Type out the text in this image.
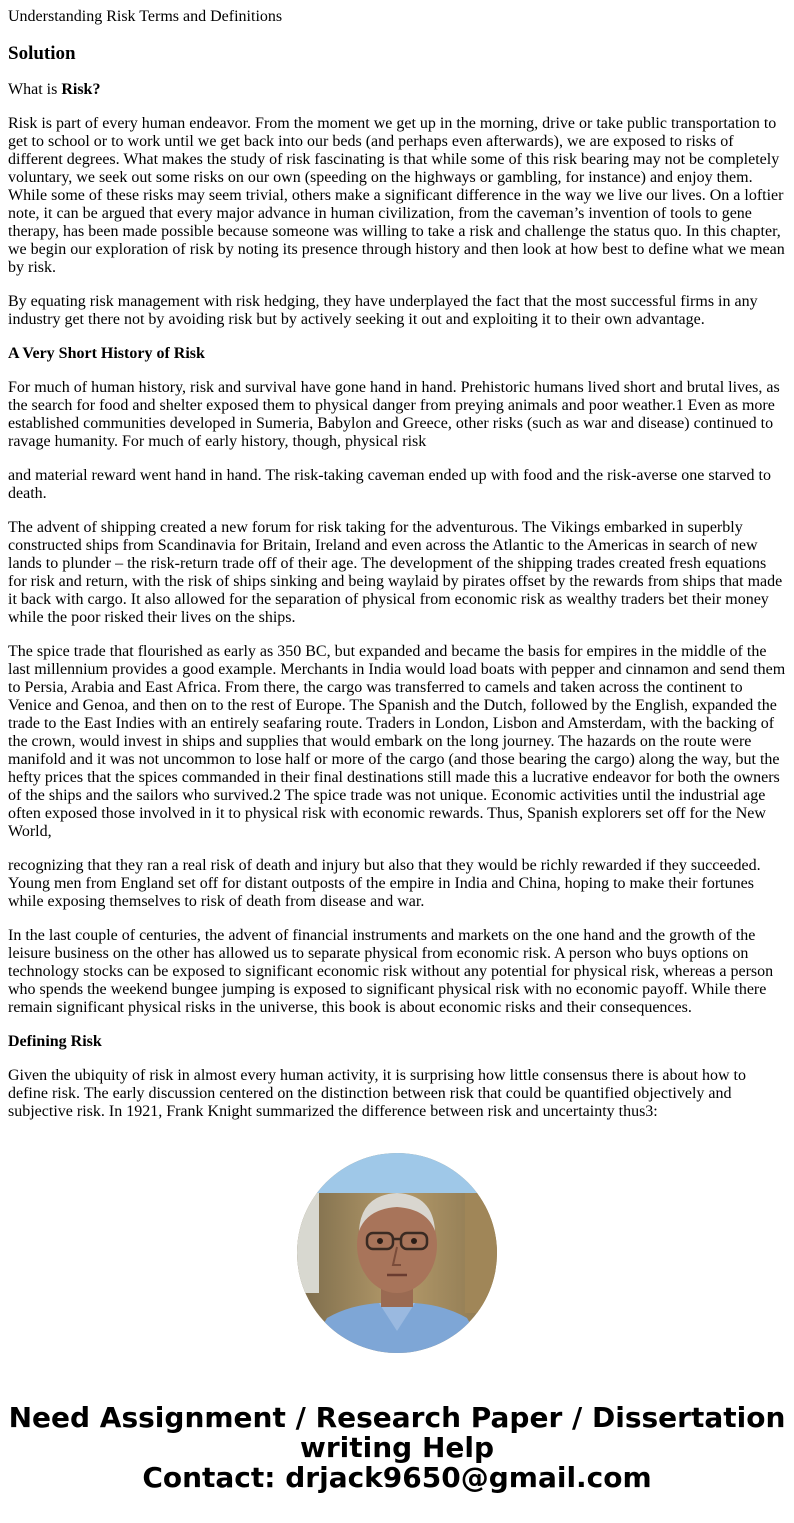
Understanding Risk Terms and Definitions
Solution

What is Risk?

Risk is part of every human endeavor. From the moment we get up in the morning, drive or take public transportation to get to school or to work until we get back into our beds (and perhaps even afterwards), we are exposed to risks of different degrees. What makes the study of risk fascinating is that while some of this risk bearing may not be completely voluntary, we seek out some risks on our own (speeding on the highways or gambling, for instance) and enjoy them. While some of these risks may seem trivial, others make a significant difference in the way we live our lives. On a loftier note, it can be argued that every major advance in human civilization, from the caveman’s invention of tools to gene therapy, has been made possible because someone was willing to take a risk and challenge the status quo. In this chapter, we begin our exploration of risk by noting its presence through history and then look at how best to define what we mean by risk.

By equating risk management with risk hedging, they have underplayed the fact that the most successful firms in any industry get there not by avoiding risk but by actively seeking it out and exploiting it to their own advantage.

A Very Short History of Risk

For much of human history, risk and survival have gone hand in hand. Prehistoric humans lived short and brutal lives, as the search for food and shelter exposed them to physical danger from preying animals and poor weather.1 Even as more established communities developed in Sumeria, Babylon and Greece, other risks (such as war and disease) continued to ravage humanity. For much of early history, though, physical risk

and material reward went hand in hand. The risk-taking caveman ended up with food and the risk-averse one starved to death.

The advent of shipping created a new forum for risk taking for the adventurous. The Vikings embarked in superbly constructed ships from Scandinavia for Britain, Ireland and even across the Atlantic to the Americas in search of new lands to plunder – the risk-return trade off of their age. The development of the shipping trades created fresh equations for risk and return, with the risk of ships sinking and being waylaid by pirates offset by the rewards from ships that made it back with cargo. It also allowed for the separation of physical from economic risk as wealthy traders bet their money while the poor risked their lives on the ships.

The spice trade that flourished as early as 350 BC, but expanded and became the basis for empires in the middle of the last millennium provides a good example. Merchants in India would load boats with pepper and cinnamon and send them to Persia, Arabia and East Africa. From there, the cargo was transferred to camels and taken across the continent to Venice and Genoa, and then on to the rest of Europe. The Spanish and the Dutch, followed by the English, expanded the trade to the East Indies with an entirely seafaring route. Traders in London, Lisbon and Amsterdam, with the backing of the crown, would invest in ships and supplies that would embark on the long journey. The hazards on the route were manifold and it was not uncommon to lose half or more of the cargo (and those bearing the cargo) along the way, but the hefty prices that the spices commanded in their final destinations still made this a lucrative endeavor for both the owners of the ships and the sailors who survived.2 The spice trade was not unique. Economic activities until the industrial age often exposed those involved in it to physical risk with economic rewards. Thus, Spanish explorers set off for the New World,

recognizing that they ran a real risk of death and injury but also that they would be richly rewarded if they succeeded. Young men from England set off for distant outposts of the empire in India and China, hoping to make their fortunes while exposing themselves to risk of death from disease and war.

In the last couple of centuries, the advent of financial instruments and markets on the one hand and the growth of the leisure business on the other has allowed us to separate physical from economic risk. A person who buys options on technology stocks can be exposed to significant economic risk without any potential for physical risk, whereas a person who spends the weekend bungee jumping is exposed to significant physical risk with no economic payoff. While there remain significant physical risks in the universe, this book is about economic risks and their consequences.

Defining Risk

Given the ubiquity of risk in almost every human activity, it is surprising how little consensus there is about how to define risk. The early discussion centered on the distinction between risk that could be quantified objectively and subjective risk. In 1921, Frank Knight summarized the difference between risk and uncertainty thus3:

Need Assignment / Research Paper / Dissertation writing Help
Contact: drjack9650@gmail.com
